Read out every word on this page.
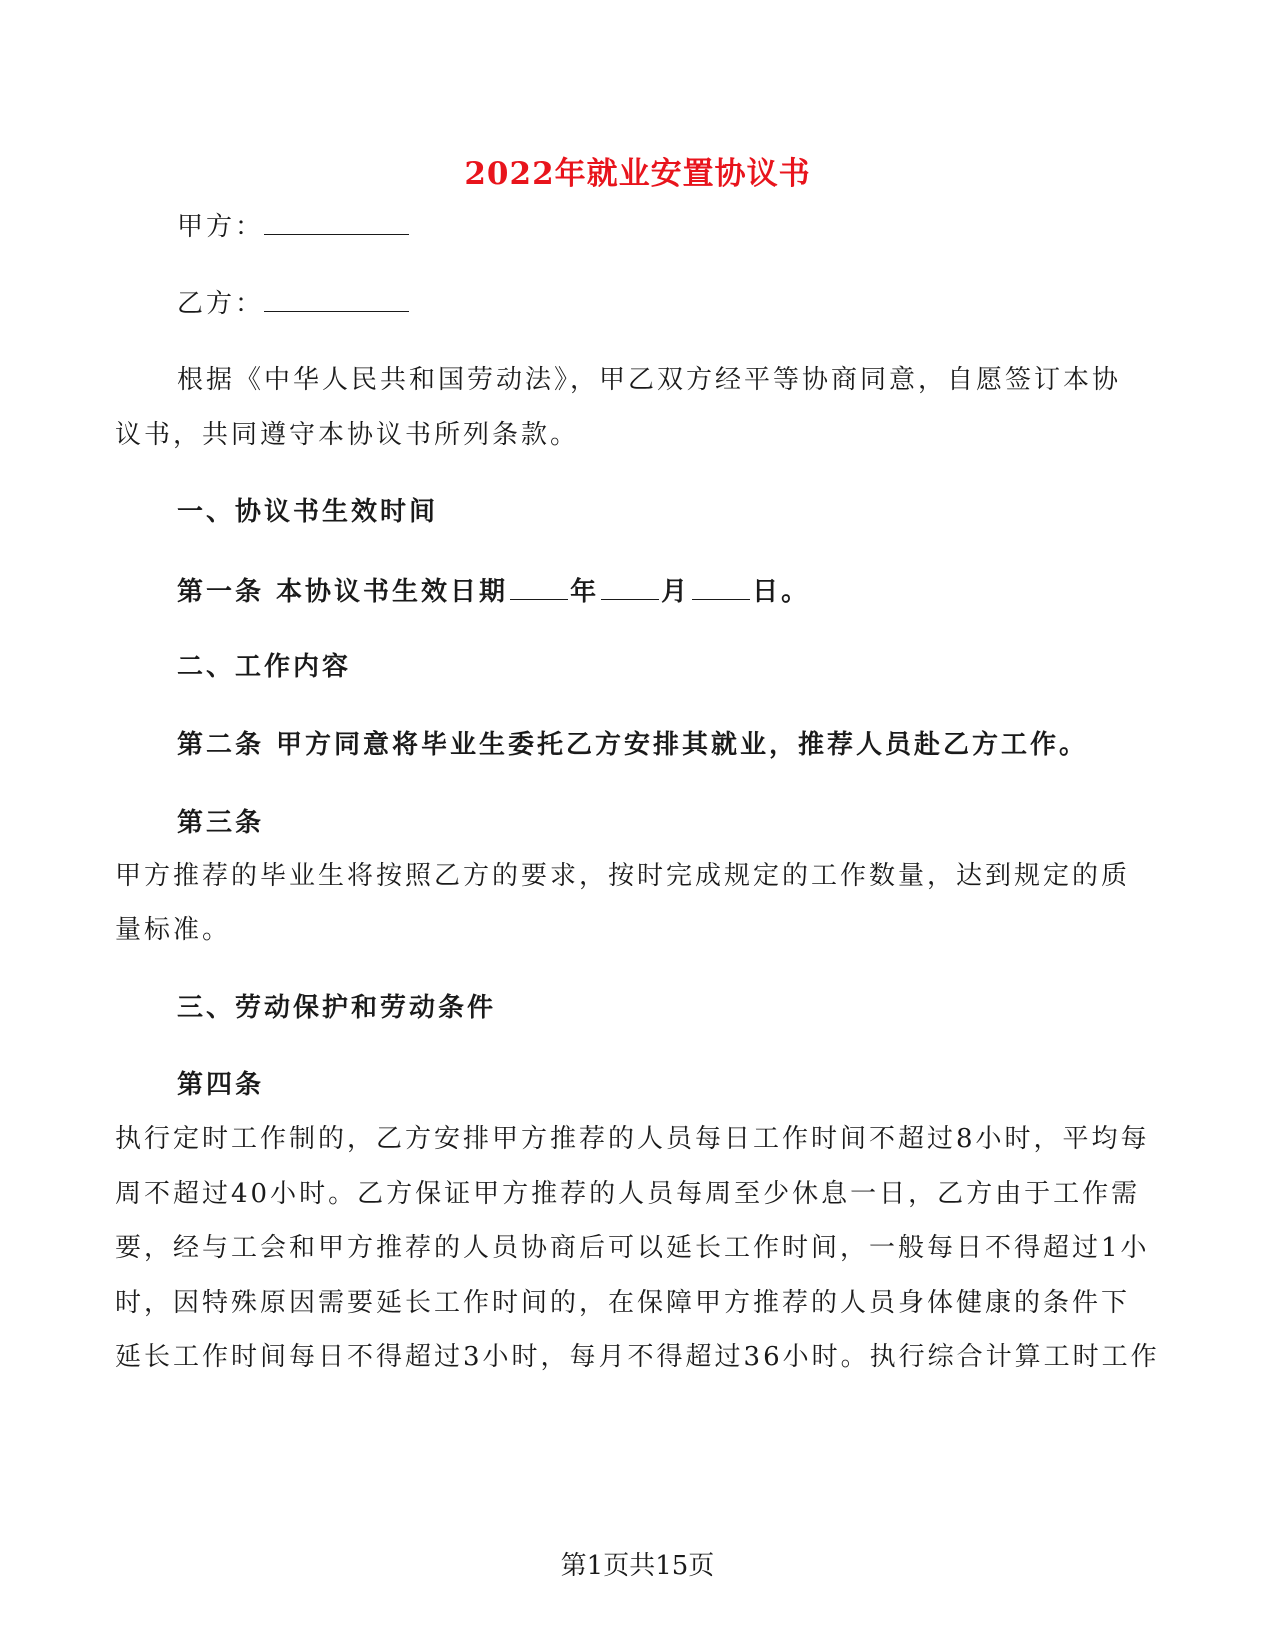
2022年就业安置协议书
甲方：
乙方：
根据《中华人民共和国劳动法》，甲乙双方经平等协商同意，自愿签订本协
议书，共同遵守本协议书所列条款。
一、协议书生效时间
第一条 本协议书生效日期 年 月 日。
二、工作内容
第二条 甲方同意将毕业生委托乙方安排其就业，推荐人员赴乙方工作。
第三条
甲方推荐的毕业生将按照乙方的要求，按时完成规定的工作数量，达到规定的质
量标准。
三、劳动保护和劳动条件
第四条
执行定时工作制的，乙方安排甲方推荐的人员每日工作时间不超过8小时，平均每
周不超过40小时。乙方保证甲方推荐的人员每周至少休息一日，乙方由于工作需
要，经与工会和甲方推荐的人员协商后可以延长工作时间，一般每日不得超过1小
时，因特殊原因需要延长工作时间的，在保障甲方推荐的人员身体健康的条件下
延长工作时间每日不得超过3小时，每月不得超过36小时。执行综合计算工时工作
第1页共15页
